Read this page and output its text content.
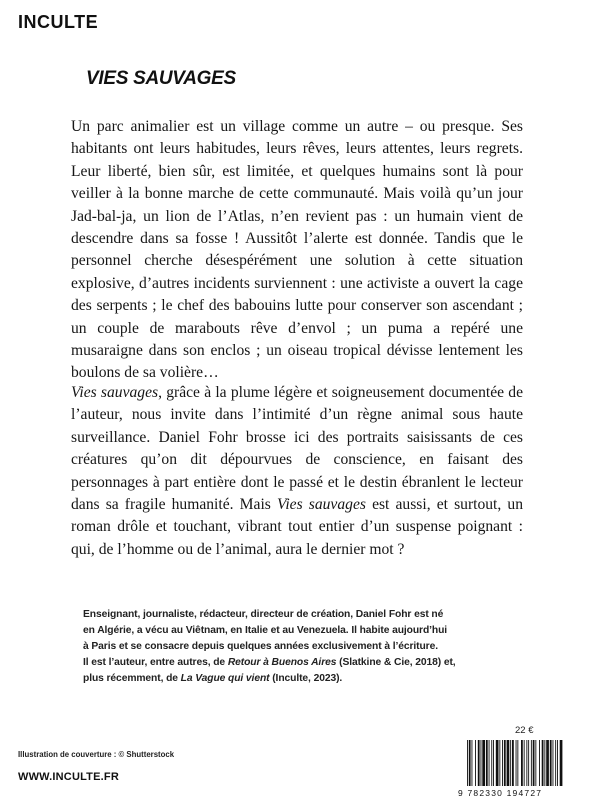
INCULTE
VIES SAUVAGES

Un parc animalier est un village comme un autre – ou presque. Ses habitants ont leurs habitudes, leurs rêves, leurs attentes, leurs regrets. Leur liberté, bien sûr, est limitée, et quelques humains sont là pour veiller à la bonne marche de cette communauté. Mais voilà qu’un jour Jad-bal-ja, un lion de l’Atlas, n’en revient pas : un humain vient de descendre dans sa fosse ! Aussitôt l’alerte est donnée. Tandis que le personnel cherche désespérément une solution à cette situation explosive, d’autres incidents surviennent : une activiste a ouvert la cage des serpents ; le chef des babouins lutte pour conserver son ascendant ; un couple de marabouts rêve d’envol ; un puma a repéré une musaraigne dans son enclos ; un oiseau tropical dévisse lentement les boulons de sa volière…

Vies sauvages, grâce à la plume légère et soigneusement documentée de l’auteur, nous invite dans l’intimité d’un règne animal sous haute surveillance. Daniel Fohr brosse ici des portraits saisissants de ces créatures qu’on dit dépourvues de conscience, en faisant des personnages à part entière dont le passé et le destin ébranlent le lecteur dans sa fragile humanité. Mais Vies sauvages est aussi, et surtout, un roman drôle et touchant, vibrant tout entier d’un suspense poignant : qui, de l’homme ou de l’animal, aura le dernier mot ?

Enseignant, journaliste, rédacteur, directeur de création, Daniel Fohr est né
en Algérie, a vécu au Viêtnam, en Italie et au Venezuela. Il habite aujourd’hui
à Paris et se consacre depuis quelques années exclusivement à l’écriture.
Il est l’auteur, entre autres, de Retour à Buenos Aires (Slatkine & Cie, 2018) et,
plus récemment, de La Vague qui vient (Inculte, 2023).
22 €
9 782330 194727
Illustration de couverture : © Shutterstock
WWW.INCULTE.FR
